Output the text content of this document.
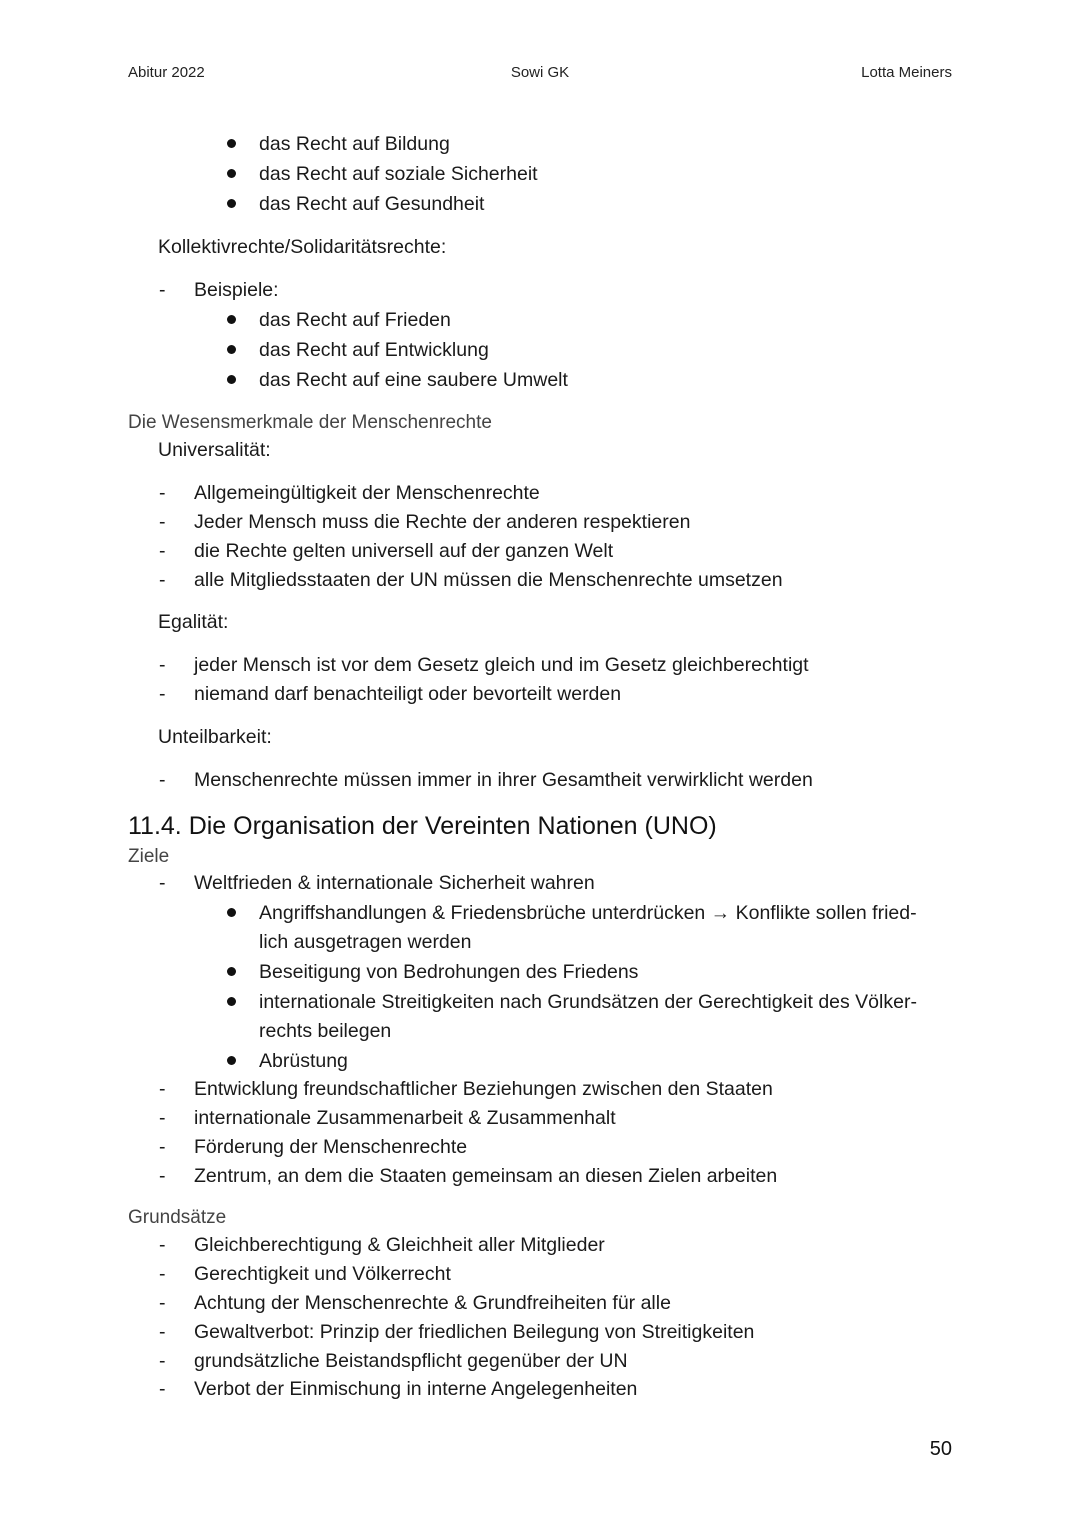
Abitur 2022	Sowi GK	Lotta Meiners
das Recht auf Bildung
das Recht auf soziale Sicherheit
das Recht auf Gesundheit
Kollektivrechte/Solidaritätsrechte:
- Beispiele:
das Recht auf Frieden
das Recht auf Entwicklung
das Recht auf eine saubere Umwelt
Die Wesensmerkmale der Menschenrechte
Universalität:
- Allgemeingültigkeit der Menschenrechte
- Jeder Mensch muss die Rechte der anderen respektieren
- die Rechte gelten universell auf der ganzen Welt
- alle Mitgliedsstaaten der UN müssen die Menschenrechte umsetzen
Egalität:
- jeder Mensch ist vor dem Gesetz gleich und im Gesetz gleichberechtigt
- niemand darf benachteiligt oder bevorteilt werden
Unteilbarkeit:
- Menschenrechte müssen immer in ihrer Gesamtheit verwirklicht werden
11.4. Die Organisation der Vereinten Nationen (UNO)
Ziele
- Weltfrieden & internationale Sicherheit wahren
Angriffshandlungen & Friedensbrüche unterdrücken → Konflikte sollen fried-
lich ausgetragen werden
Beseitigung von Bedrohungen des Friedens
internationale Streitigkeiten nach Grundsätzen der Gerechtigkeit des Völker-
rechts beilegen
Abrüstung
- Entwicklung freundschaftlicher Beziehungen zwischen den Staaten
- internationale Zusammenarbeit & Zusammenhalt
- Förderung der Menschenrechte
- Zentrum, an dem die Staaten gemeinsam an diesen Zielen arbeiten
Grundsätze
- Gleichberechtigung & Gleichheit aller Mitglieder
- Gerechtigkeit und Völkerrecht
- Achtung der Menschenrechte & Grundfreiheiten für alle
- Gewaltverbot: Prinzip der friedlichen Beilegung von Streitigkeiten
- grundsätzliche Beistandspflicht gegenüber der UN
- Verbot der Einmischung in interne Angelegenheiten
50
